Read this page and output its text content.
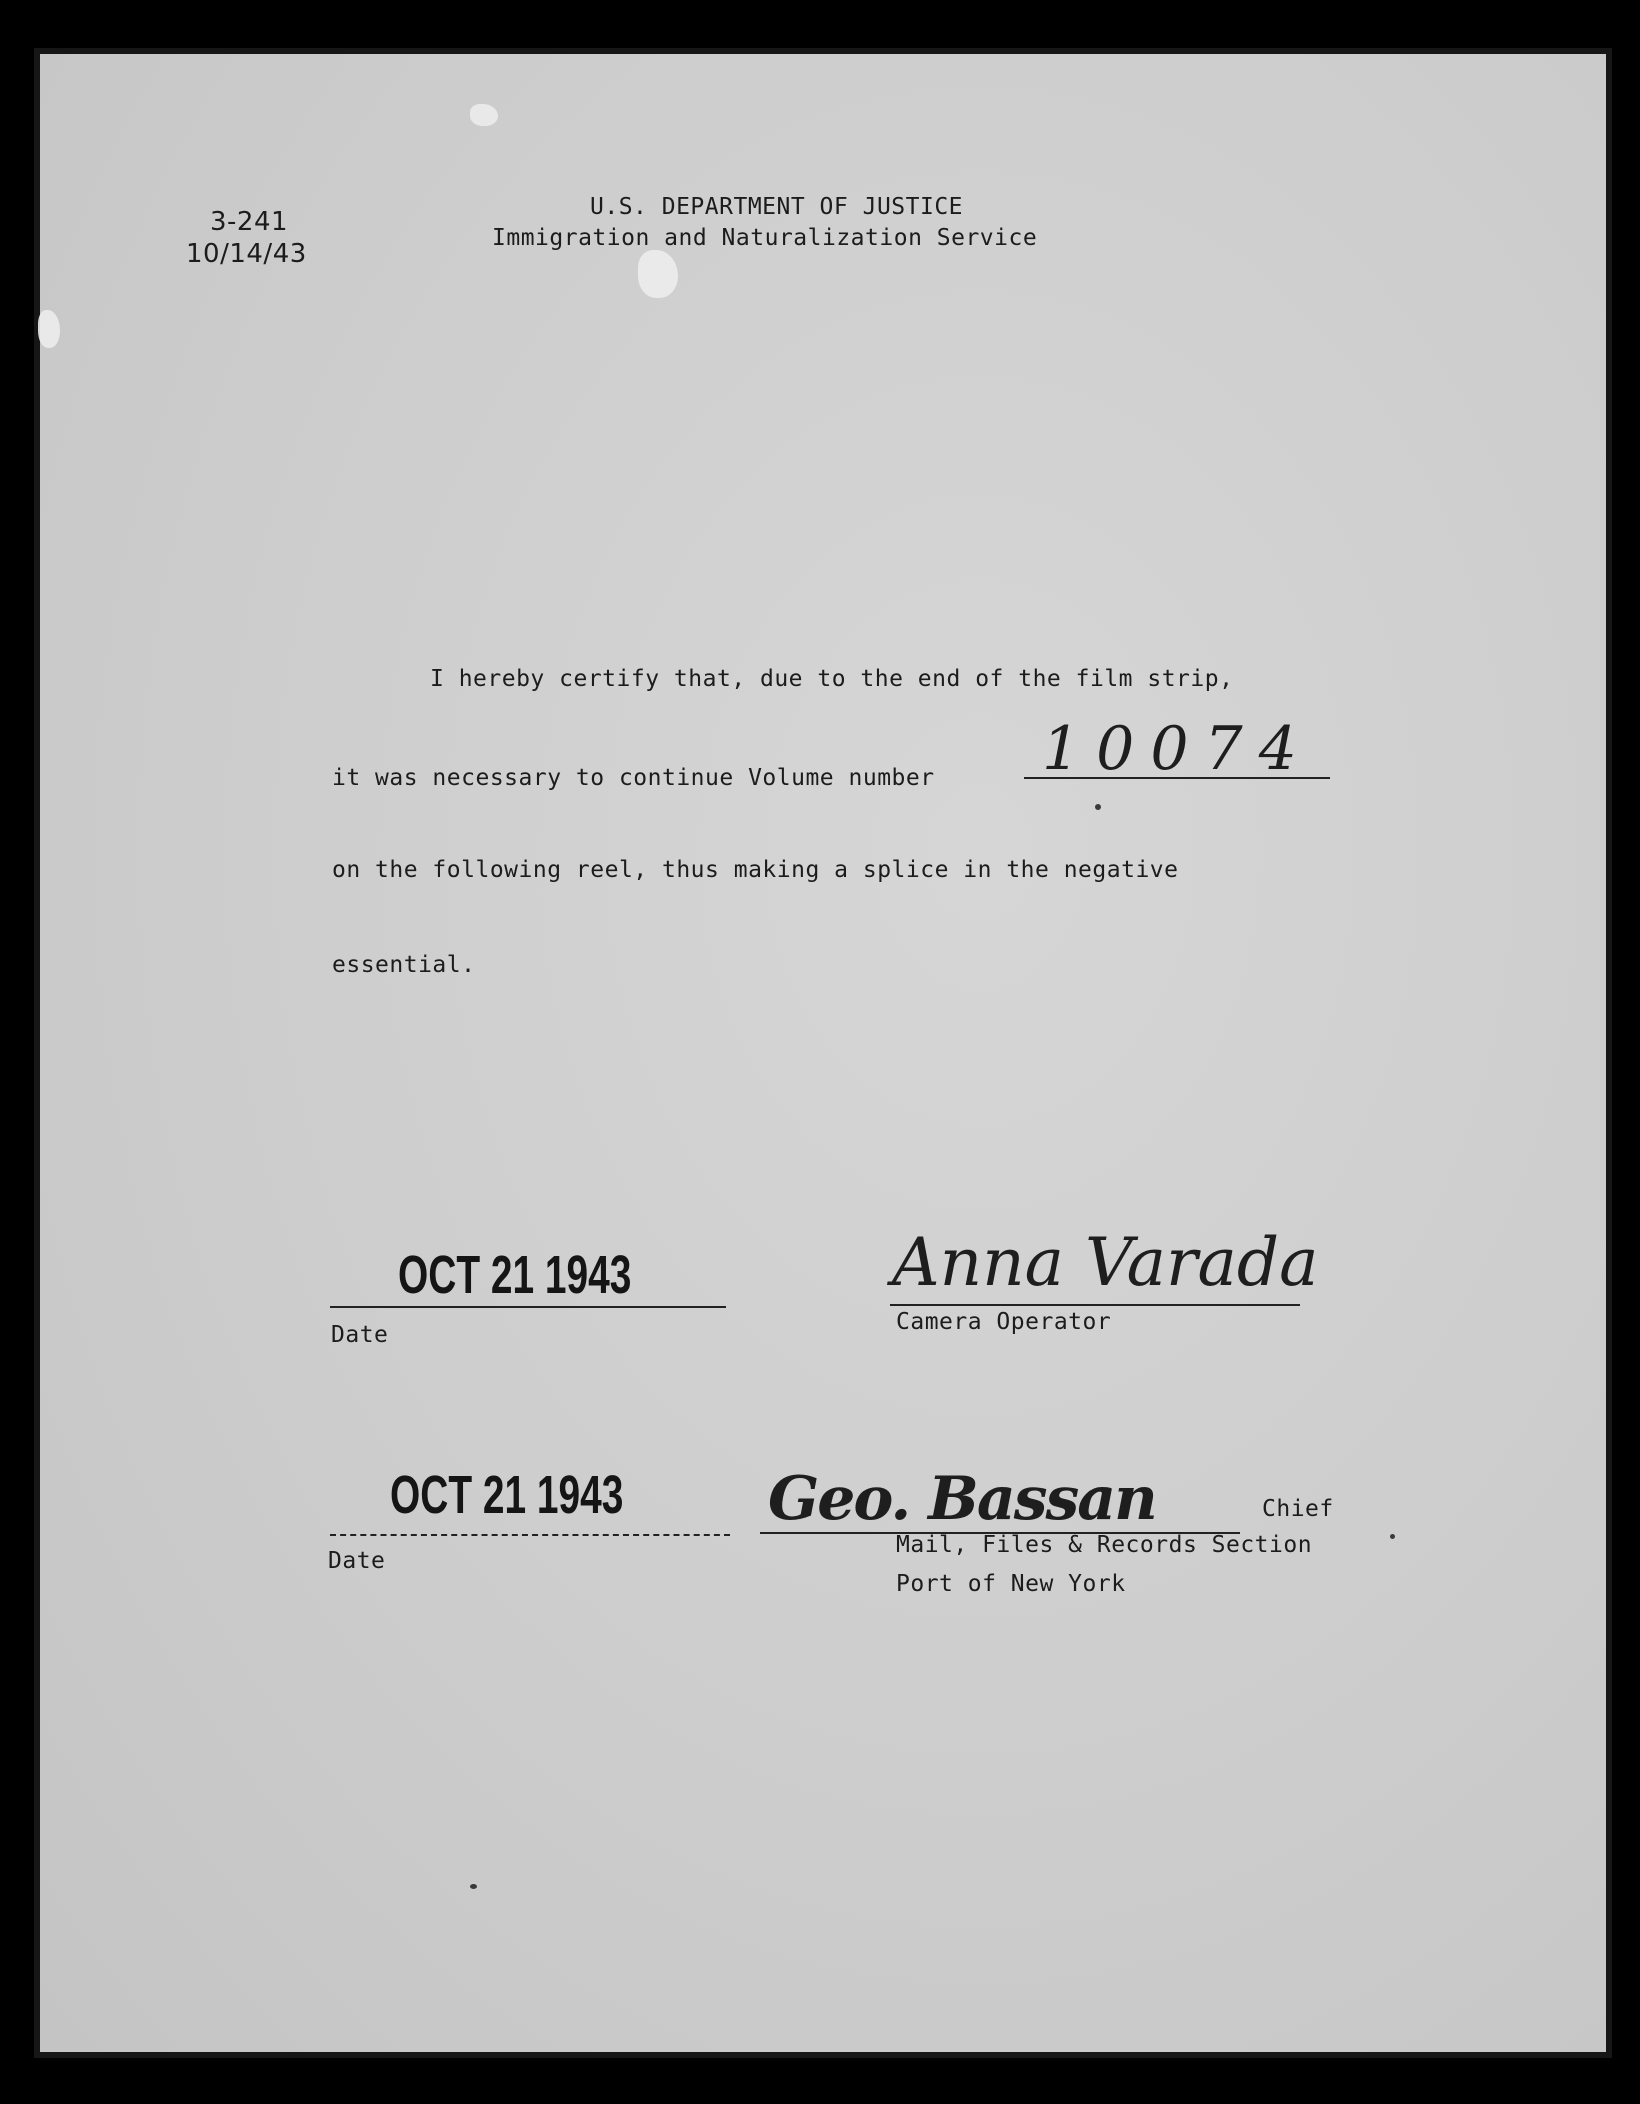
3-241
10/14/43
U.S. DEPARTMENT OF JUSTICE
Immigration and Naturalization Service
I hereby certify that, due to the end of the film strip,
it was necessary to continue Volume number 10074
on the following reel, thus making a splice in the negative
essential.
OCT 21 1943
Date
Anna Varada
Camera Operator
OCT 21 1943
Date
Geo. Bassan	Chief
Mail, Files & Records Section
Port of New York
